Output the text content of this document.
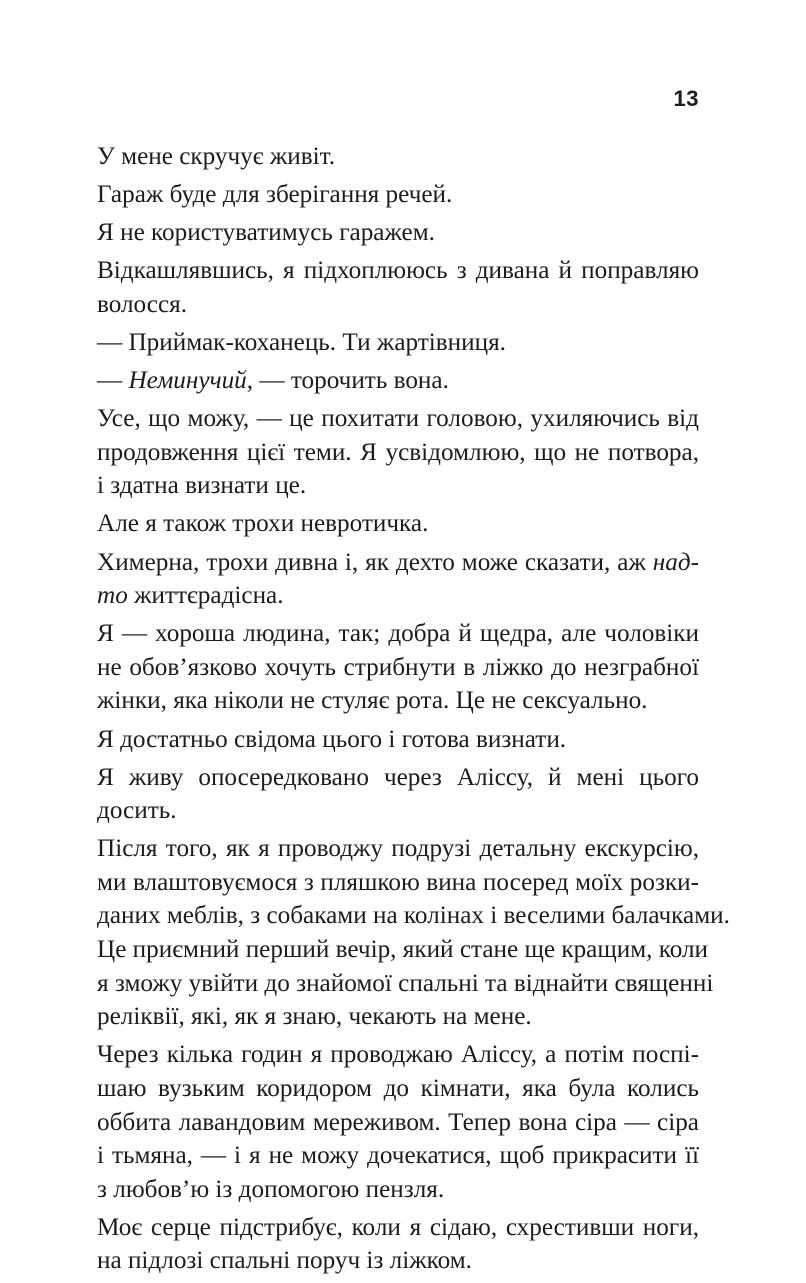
13

У мене скручує живіт.

Гараж буде для зберігання речей.

Я не користуватимусь гаражем.

Відкашлявшись, я підхоплююсь з дивана й поправляю
волосся.

— Приймак-коханець. Ти жартівниця.

— Неминучий, — торочить вона.

Усе, що можу, — це похитати головою, ухиляючись від
продовження цієї теми. Я усвідомлюю, що не потвора,
і здатна визнати це.

Але я також трохи невротичка.

Химерна, трохи дивна і, як дехто може сказати, аж над-
то життєрадісна.

Я — хороша людина, так; добра й щедра, але чоловіки
не обов’язково хочуть стрибнути в ліжко до незграбної
жінки, яка ніколи не стуляє рота. Це не сексуально.

Я достатньо свідома цього і готова визнати.

Я живу опосередковано через Аліссу, й мені цього
досить.

Після того, як я проводжу подрузі детальну екскурсію,
ми влаштовуємося з пляшкою вина посеред моїх розки-
даних меблів, з собаками на колінах і веселими балачками.
Це приємний перший вечір, який стане ще кращим, коли
я зможу увійти до знайомої спальні та віднайти священні
реліквії, які, як я знаю, чекають на мене.

Через кілька годин я проводжаю Аліссу, а потім поспі-
шаю вузьким коридором до кімнати, яка була колись
оббита лавандовим мереживом. Тепер вона сіра — сіра
і тьмяна, — і я не можу дочекатися, щоб прикрасити її
з любов’ю із допомогою пензля.

Моє серце підстрибує, коли я сідаю, схрестивши ноги,
на підлозі спальні поруч із ліжком.
